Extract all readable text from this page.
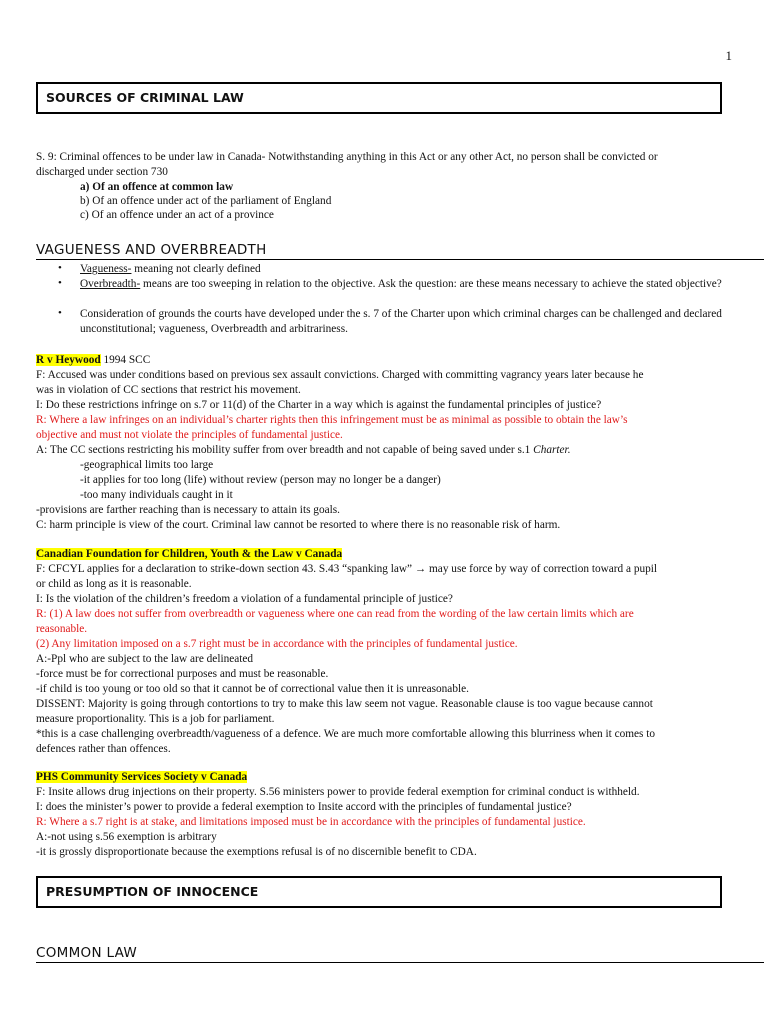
1
SOURCES OF CRIMINAL LAW
S. 9: Criminal offences to be under law in Canada- Notwithstanding anything in this Act or any other Act, no person shall be convicted or
discharged under section 730
a) Of an offence at common law
b) Of an offence under act of the parliament of England
c) Of an offence under an act of a province
VAGUENESS AND OVERBREADTH
• Vagueness- meaning not clearly defined
• Overbreadth- means are too sweeping in relation to the objective. Ask the question: are these means necessary to achieve the stated objective?
• Consideration of grounds the courts have developed under the s. 7 of the Charter upon which criminal charges can be challenged and declared unconstitutional; vagueness, Overbreadth and arbitrariness.
R v Heywood 1994 SCC
F: Accused was under conditions based on previous sex assault convictions. Charged with committing vagrancy years later because he
was in violation of CC sections that restrict his movement.
I: Do these restrictions infringe on s.7 or 11(d) of the Charter in a way which is against the fundamental principles of justice?
R: Where a law infringes on an individual’s charter rights then this infringement must be as minimal as possible to obtain the law’s
objective and must not violate the principles of fundamental justice.
A: The CC sections restricting his mobility suffer from over breadth and not capable of being saved under s.1 Charter.
-geographical limits too large
-it applies for too long (life) without review (person may no longer be a danger)
-too many individuals caught in it
-provisions are farther reaching than is necessary to attain its goals.
C: harm principle is view of the court. Criminal law cannot be resorted to where there is no reasonable risk of harm.
Canadian Foundation for Children, Youth & the Law v Canada
F: CFCYL applies for a declaration to strike-down section 43. S.43 “spanking law” → may use force by way of correction toward a pupil
or child as long as it is reasonable.
I: Is the violation of the children’s freedom a violation of a fundamental principle of justice?
R: (1) A law does not suffer from overbreadth or vagueness where one can read from the wording of the law certain limits which are
reasonable.
(2) Any limitation imposed on a s.7 right must be in accordance with the principles of fundamental justice.
A:-Ppl who are subject to the law are delineated
-force must be for correctional purposes and must be reasonable.
-if child is too young or too old so that it cannot be of correctional value then it is unreasonable.
DISSENT: Majority is going through contortions to try to make this law seem not vague. Reasonable clause is too vague because cannot
measure proportionality. This is a job for parliament.
*this is a case challenging overbreadth/vagueness of a defence. We are much more comfortable allowing this blurriness when it comes to
defences rather than offences.
PHS Community Services Society v Canada
F: Insite allows drug injections on their property. S.56 ministers power to provide federal exemption for criminal conduct is withheld.
I: does the minister’s power to provide a federal exemption to Insite accord with the principles of fundamental justice?
R: Where a s.7 right is at stake, and limitations imposed must be in accordance with the principles of fundamental justice.
A:-not using s.56 exemption is arbitrary
-it is grossly disproportionate because the exemptions refusal is of no discernible benefit to CDA.
PRESUMPTION OF INNOCENCE
COMMON LAW
